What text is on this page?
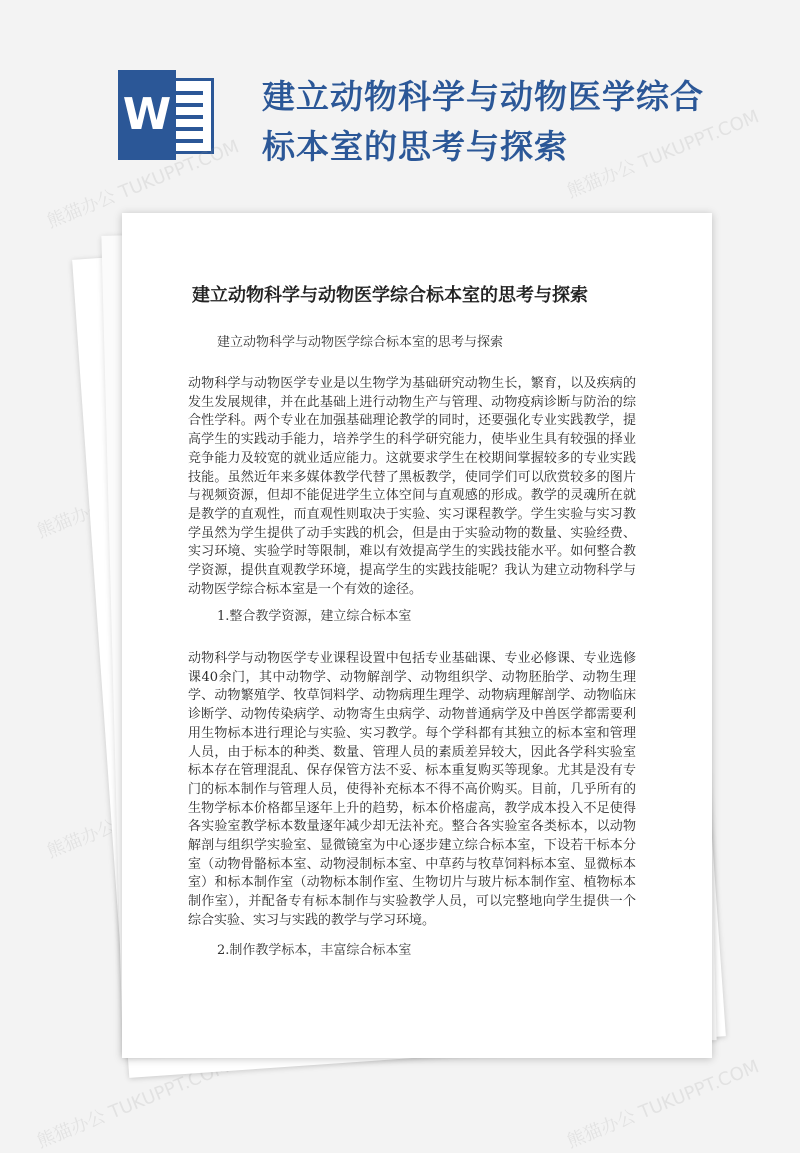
W	建立动物科学与动物医学综合标本室的思考与探索
熊猫办公 TUKUPPT.COM	熊猫办公 TUKUPPT.COM
熊猫办公
熊猫办公
熊猫办公 TUKUPPT.COM	熊猫办公 TUKUPPT.COM
建立动物科学与动物医学综合标本室的思考与探索
建立动物科学与动物医学综合标本室的思考与探索
动物科学与动物医学专业是以生物学为基础研究动物生长，繁育，以及疾病的发生发展规律，并在此基础上进行动物生产与管理、动物疫病诊断与防治的综合性学科。两个专业在加强基础理论教学的同时，还要强化专业实践教学，提高学生的实践动手能力，培养学生的科学研究能力，使毕业生具有较强的择业竞争能力及较宽的就业适应能力。这就要求学生在校期间掌握较多的专业实践技能。虽然近年来多媒体教学代替了黑板教学，使同学们可以欣赏较多的图片与视频资源，但却不能促进学生立体空间与直观感的形成。教学的灵魂所在就是教学的直观性，而直观性则取决于实验、实习课程教学。学生实验与实习教学虽然为学生提供了动手实践的机会，但是由于实验动物的数量、实验经费、实习环境、实验学时等限制，难以有效提高学生的实践技能水平。如何整合教学资源，提供直观教学环境，提高学生的实践技能呢？我认为建立动物科学与动物医学综合标本室是一个有效的途径。
1.整合教学资源，建立综合标本室
动物科学与动物医学专业课程设置中包括专业基础课、专业必修课、专业选修课40余门，其中动物学、动物解剖学、动物组织学、动物胚胎学、动物生理学、动物繁殖学、牧草饲料学、动物病理生理学、动物病理解剖学、动物临床诊断学、动物传染病学、动物寄生虫病学、动物普通病学及中兽医学都需要利用生物标本进行理论与实验、实习教学。每个学科都有其独立的标本室和管理人员，由于标本的种类、数量、管理人员的素质差异较大，因此各学科实验室标本存在管理混乱、保存保管方法不妥、标本重复购买等现象。尤其是没有专门的标本制作与管理人员，使得补充标本不得不高价购买。目前，几乎所有的生物学标本价格都呈逐年上升的趋势，标本价格虚高，教学成本投入不足使得各实验室教学标本数量逐年减少却无法补充。整合各实验室各类标本，以动物解剖与组织学实验室、显微镜室为中心逐步建立综合标本室，下设若干标本分室（动物骨骼标本室、动物浸制标本室、中草药与牧草饲料标本室、显微标本室）和标本制作室（动物标本制作室、生物切片与玻片标本制作室、植物标本制作室），并配备专有标本制作与实验教学人员，可以完整地向学生提供一个综合实验、实习与实践的教学与学习环境。
2.制作教学标本，丰富综合标本室
